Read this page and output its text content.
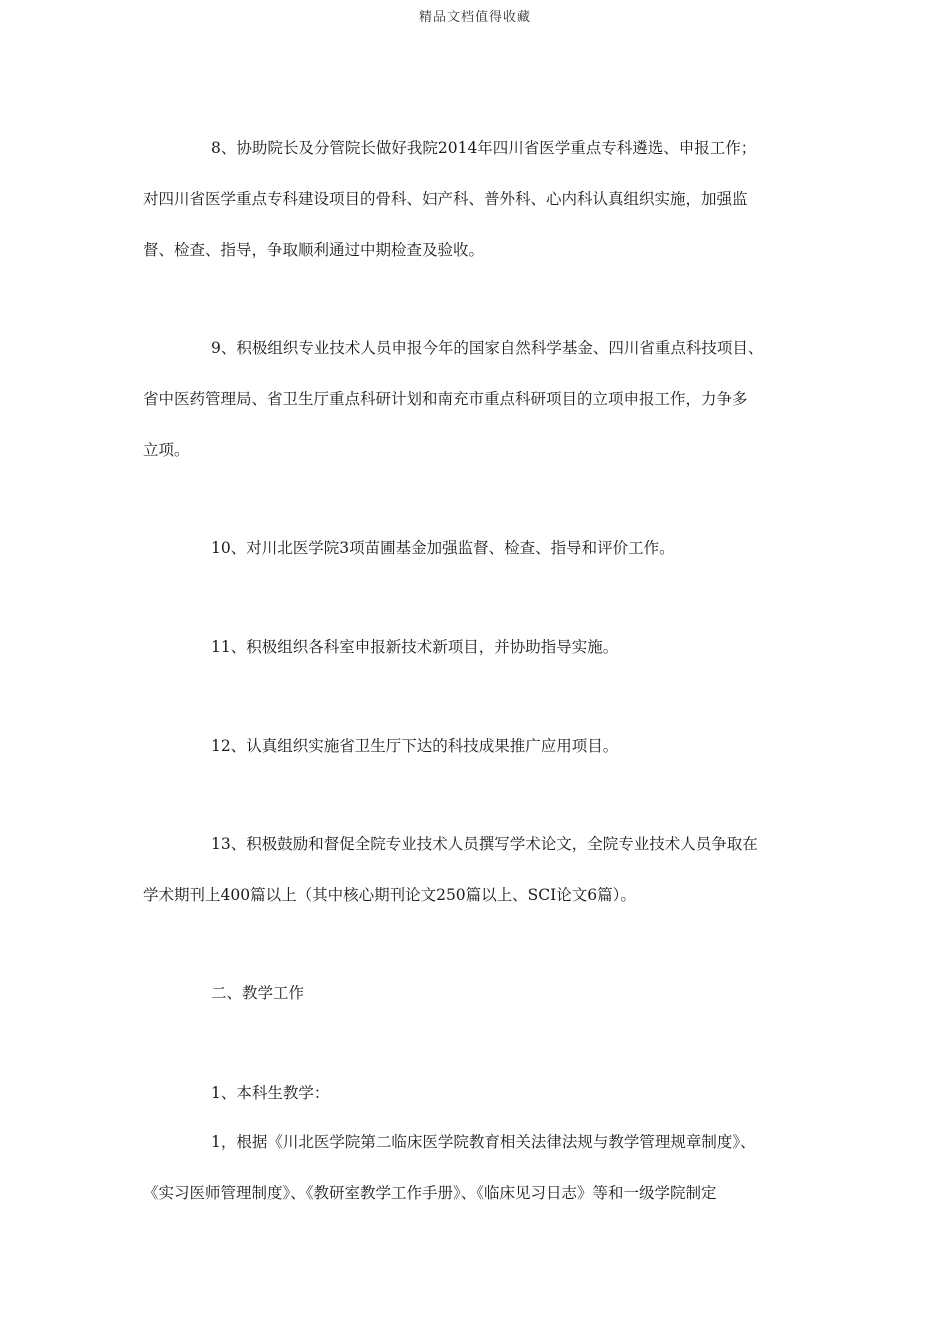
精品文档值得收藏
8、协助院长及分管院长做好我院2014年四川省医学重点专科遴选、申报工作；
对四川省医学重点专科建设项目的骨科、妇产科、普外科、心内科认真组织实施，加强监
督、检查、指导，争取顺利通过中期检查及验收。
9、积极组织专业技术人员申报今年的国家自然科学基金、四川省重点科技项目、
省中医药管理局、省卫生厅重点科研计划和南充市重点科研项目的立项申报工作，力争多
立项。
10、对川北医学院3项苗圃基金加强监督、检查、指导和评价工作。
11、积极组织各科室申报新技术新项目，并协助指导实施。
12、认真组织实施省卫生厅下达的科技成果推广应用项目。
13、积极鼓励和督促全院专业技术人员撰写学术论文，全院专业技术人员争取在
学术期刊上400篇以上（其中核心期刊论文250篇以上、SCI论文6篇）。
二、教学工作
1、本科生教学：
1，根据《川北医学院第二临床医学院教育相关法律法规与教学管理规章制度》、
《实习医师管理制度》、《教研室教学工作手册》、《临床见习日志》等和一级学院制定
